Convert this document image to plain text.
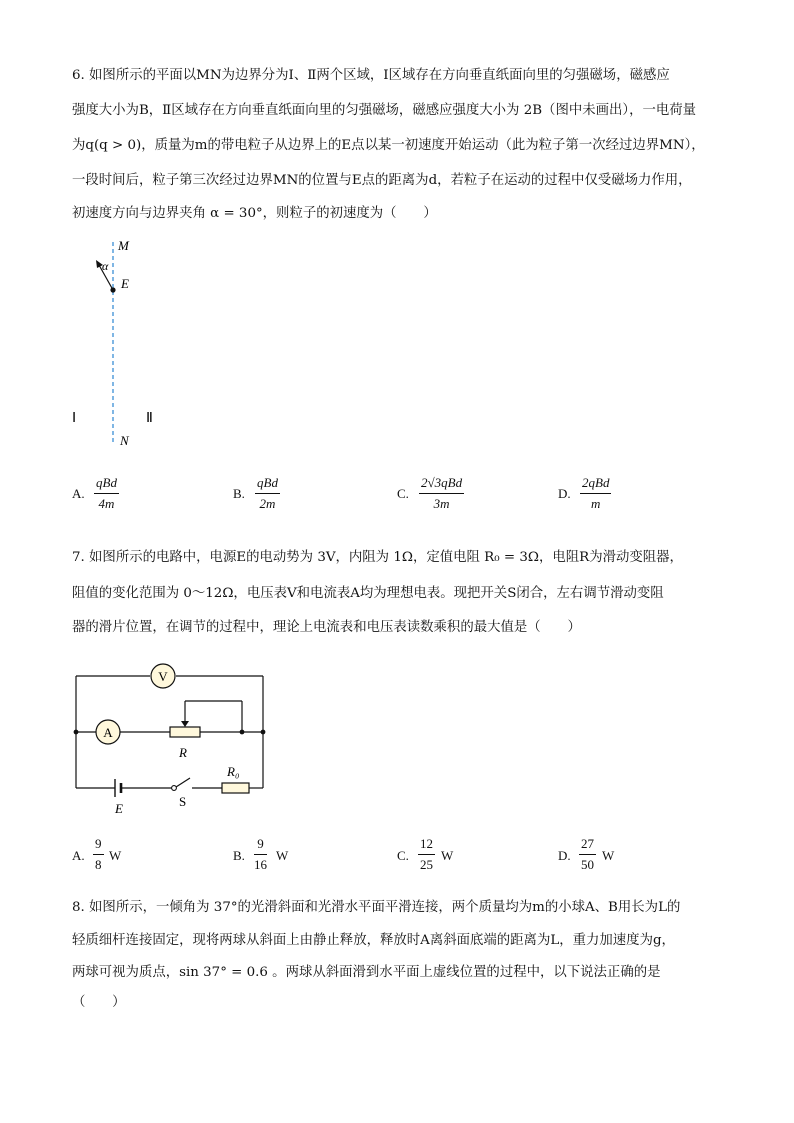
6. 如图所示的平面以MN为边界分为Ⅰ、Ⅱ两个区域，Ⅰ区域存在方向垂直纸面向里的匀强磁场，磁感应
强度大小为B，Ⅱ区域存在方向垂直纸面向里的匀强磁场，磁感应强度大小为 2B（图中未画出），一电荷量
为q(q > 0)，质量为m的带电粒子从边界上的E点以某一初速度开始运动（此为粒子第一次经过边界MN），
一段时间后，粒子第三次经过边界MN的位置与E点的距离为d，若粒子在运动的过程中仅受磁场力作用，
初速度方向与边界夹角 α = 30°，则粒子的初速度为（　　）
M
α
E
N
Ⅰ	Ⅱ
A.
qBd
4m
B.
qBd
2m
C.
2√3qBd
3m
D.
2qBd
m
7. 如图所示的电路中，电源E的电动势为 3V，内阻为 1Ω，定值电阻 R₀ = 3Ω，电阻R为滑动变阻器，
阻值的变化范围为 0～12Ω，电压表V和电流表A均为理想电表。现把开关S闭合，左右调节滑动变阻
器的滑片位置，在调节的过程中，理论上电流表和电压表读数乘积的最大值是（　　）
V
A
R
E	S
R₀
A. $\frac{9}{8}$ W	B. $\frac{9}{16}$ W	C. $\frac{12}{25}$ W	D. $\frac{27}{50}$ W
8. 如图所示，一倾角为 37°的光滑斜面和光滑水平面平滑连接，两个质量均为m的小球A、B用长为L的
轻质细杆连接固定，现将两球从斜面上由静止释放，释放时A离斜面底端的距离为L，重力加速度为g，
两球可视为质点，sin 37° = 0.6 。两球从斜面滑到水平面上虚线位置的过程中，以下说法正确的是
（　　）
